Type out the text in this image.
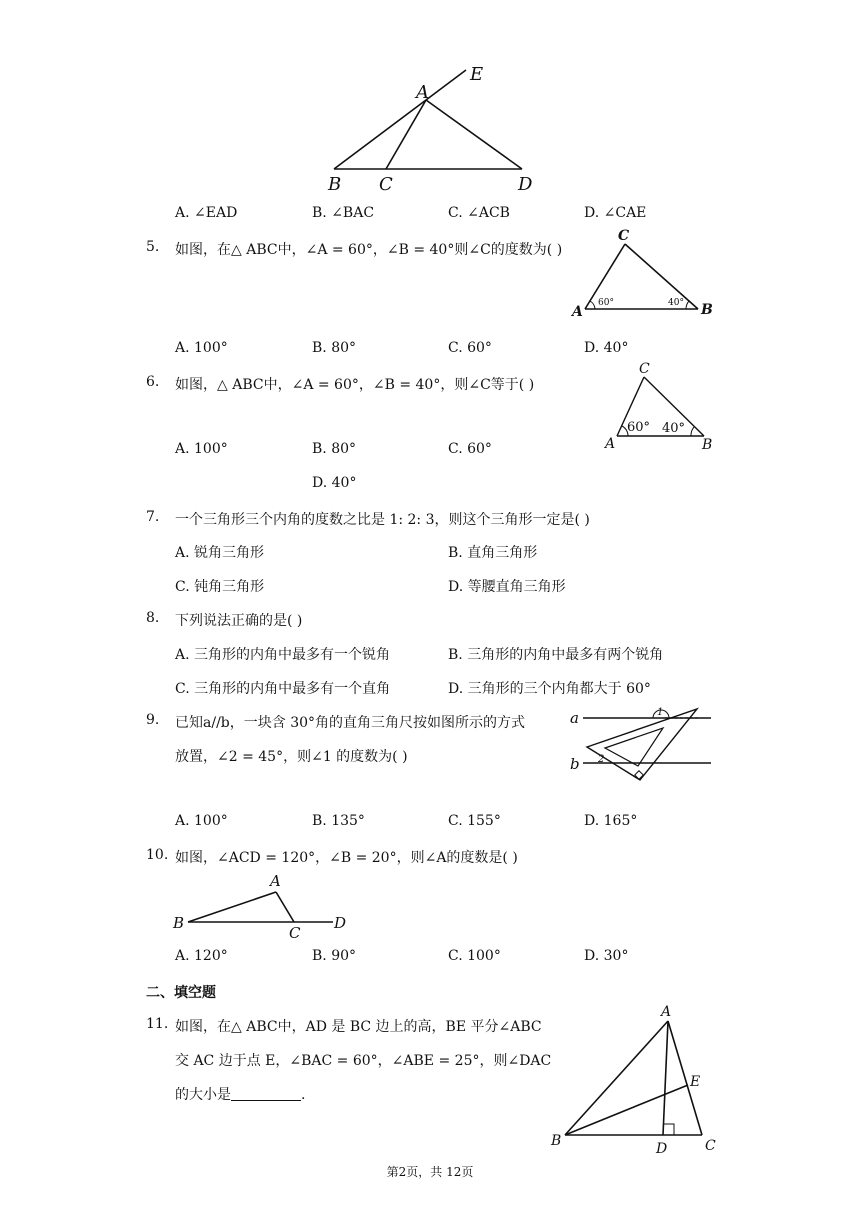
A
E
B C	D
A. ∠EAD	B. ∠BAC	C. ∠ACB	D. ∠CAE
5. 如图，在△ ABC中，∠A = 60°，∠B = 40°则∠C的度数为( )
C
A	B
60°	40°
A. 100°	B. 80°	C. 60°	D. 40°
6. 如图，△ ABC中，∠A = 60°，∠B = 40°，则∠C等于( )
C
A	B
60° 40°
A. 100°	B. 80°	C. 60°
D. 40°
7. 一个三角形三个内角的度数之比是 1: 2: 3，则这个三角形一定是( )
A. 锐角三角形	B. 直角三角形
C. 钝角三角形	D. 等腰直角三角形
8. 下列说法正确的是( )
A. 三角形的内角中最多有一个锐角	B. 三角形的内角中最多有两个锐角
C. 三角形的内角中最多有一个直角	D. 三角形的三个内角都大于 60°
9. 已知a//b，一块含 30°角的直角三角尺按如图所示的方式
放置，∠2 = 45°，则∠1 的度数为( )
a
b
1
2
A. 100°	B. 135°	C. 155°	D. 165°
10. 如图，∠ACD = 120°，∠B = 20°，则∠A的度数是( )
A
B
C
D
A. 120°	B. 90°	C. 100°	D. 30°
二、填空题
11. 如图，在△ ABC中，AD 是 BC 边上的高，BE 平分∠ABC
交 AC 边于点 E，∠BAC = 60°，∠ABE = 25°，则∠DAC
的大小是	.
A
E
B	D	C
第2页，共 12页
